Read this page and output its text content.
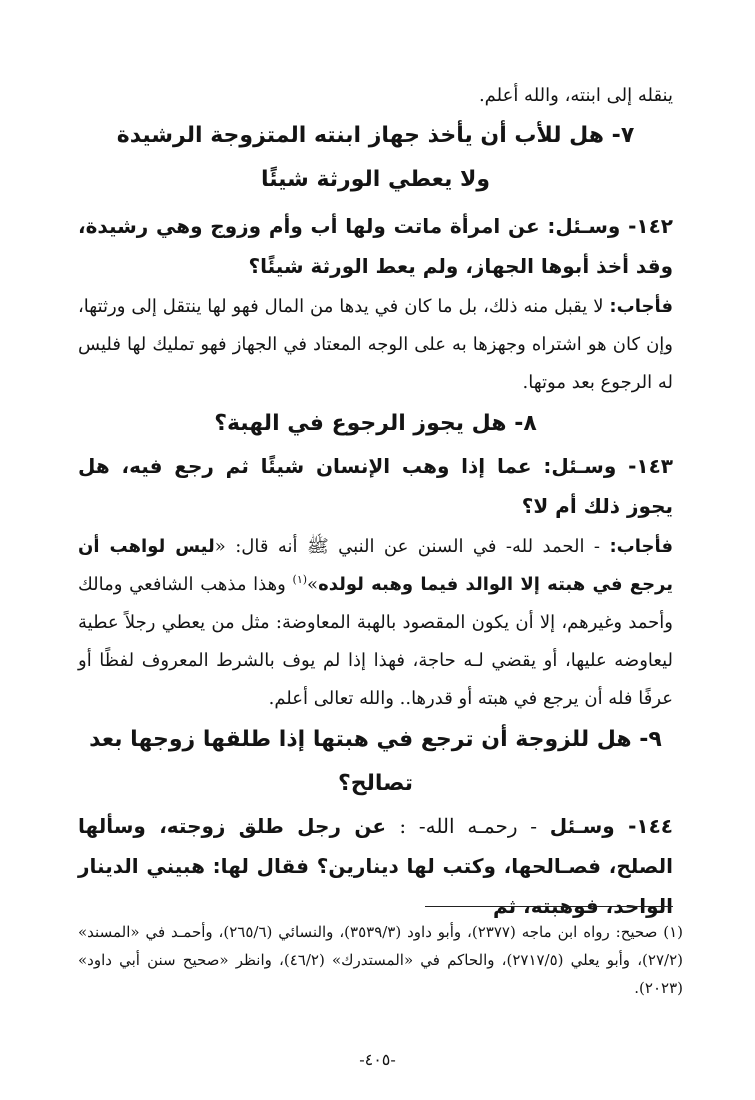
ينقله إلى ابنته، والله أعلم.

٧- هل للأب أن يأخذ جهاز ابنته المتزوجة الرشيدة
ولا يعطي الورثة شيئًا

١٤٢- وسـئل: عن امرأة ماتت ولها أب وأم وزوج وهي رشيدة، وقد أخذ أبوها الجهاز، ولم يعط الورثة شيئًا؟

فأجاب: لا يقبل منه ذلك، بل ما كان في يدها من المال فهو لها ينتقل إلى ورثتها، وإن كان هو اشتراه وجهزها به على الوجه المعتاد في الجهاز فهو تمليك لها فليس له الرجوع بعد موتها.

٨- هل يجوز الرجوع في الهبة؟

١٤٣- وسـئل: عما إذا وهب الإنسان شيئًا ثم رجع فيه، هل يجوز ذلك أم لا؟

فأجاب: - الحمد لله- في السنن عن النبي ﷺ أنه قال: «ليس لواهب أن يرجع في هبته إلا الوالد فيما وهبه لولده»$^{(١)}$ وهذا مذهب الشافعي ومالك وأحمد وغيرهم، إلا أن يكون المقصود بالهبة المعاوضة: مثل من يعطي رجلاً عطية ليعاوضه عليها، أو يقضي لـه حاجة، فهذا إذا لم يوف بالشرط المعروف لفظًا أو عرفًا فله أن يرجع في هبته أو قدرها.. والله تعالى أعلم.

٩- هل للزوجة أن ترجع في هبتها إذا طلقها زوجها بعد تصالح؟

١٤٤- وسـئل - رحمـه الله- : عن رجل طلق زوجته، وسألها الصلح، فصـالحها، وكتب لها دينارين؟ فقال لها: هبيني الدينار الواحد، فوهبته، ثم

(١) صحيح: رواه ابن ماجه (٢٣٧٧)، وأبو داود (٣٥٣٩/٣)، والنسائي (٢٦٥/٦)، وأحمـد في «المسند» (٢٧/٢)، وأبو يعلي (٢٧١٧/٥)، والحاكم في «المستدرك» (٤٦/٢)، وانظر «صحيح سنن أبي داود» (٢٠٢٣).

-٤٠٥-
